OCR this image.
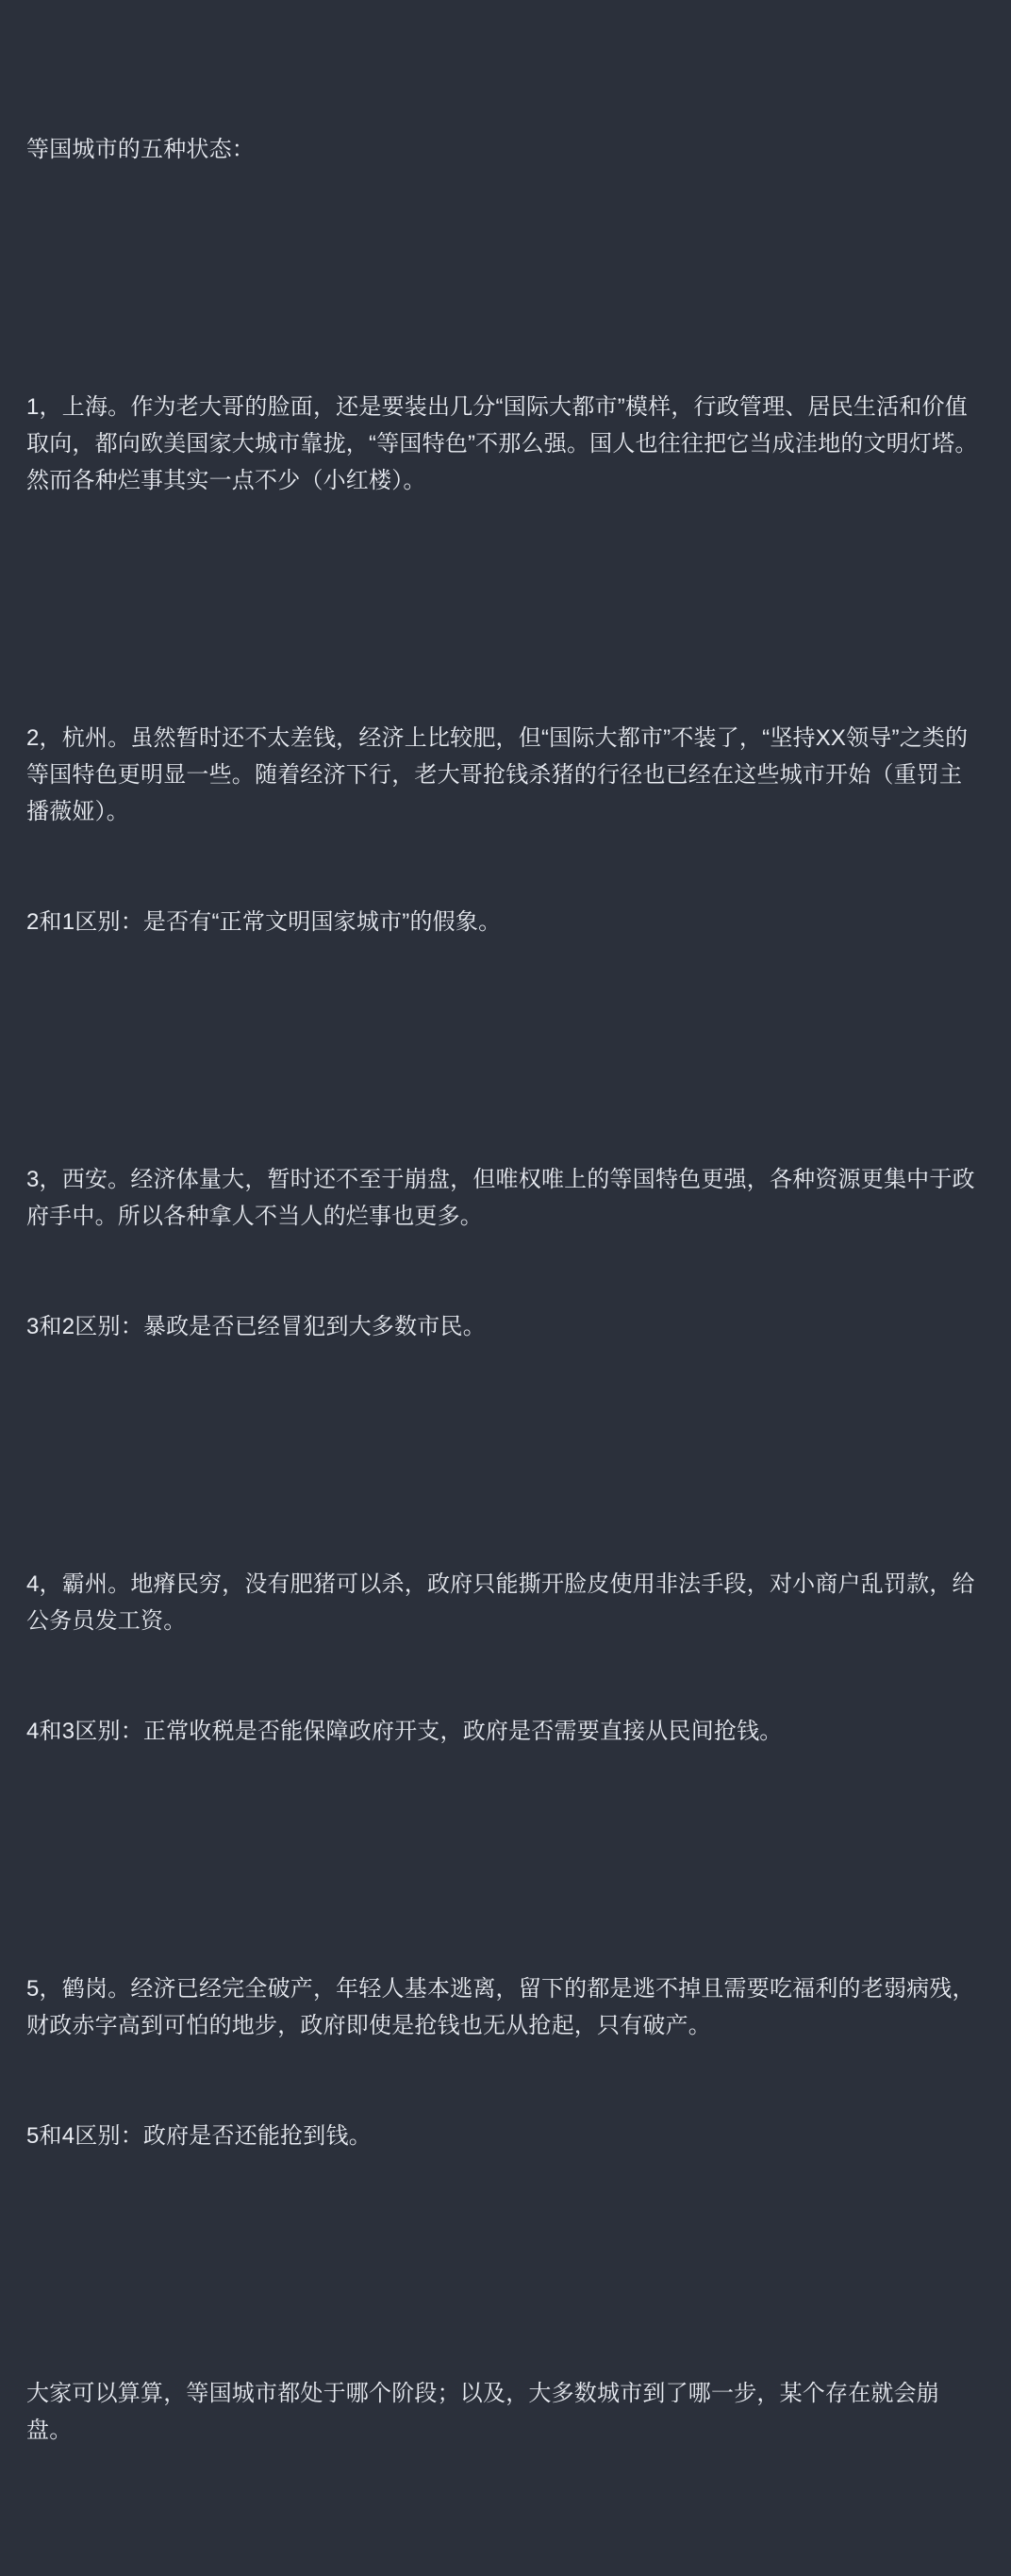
等国城市的五种状态：

1，上海。作为老大哥的脸面，还是要装出几分“国际大都市”模样，行政管理、居民生活和价值取向，都向欧美国家大城市靠拢，“等国特色”不那么强。国人也往往把它当成洼地的文明灯塔。然而各种烂事其实一点不少（小红楼）。

2，杭州。虽然暂时还不太差钱，经济上比较肥，但“国际大都市”不装了，“坚持XX领导”之类的等国特色更明显一些。随着经济下行，老大哥抢钱杀猪的行径也已经在这些城市开始（重罚主播薇娅）。

2和1区别：是否有“正常文明国家城市”的假象。

3，西安。经济体量大，暂时还不至于崩盘，但唯权唯上的等国特色更强，各种资源更集中于政府手中。所以各种拿人不当人的烂事也更多。

3和2区别：暴政是否已经冒犯到大多数市民。

4，霸州。地瘠民穷，没有肥猪可以杀，政府只能撕开脸皮使用非法手段，对小商户乱罚款，给公务员发工资。

4和3区别：正常收税是否能保障政府开支，政府是否需要直接从民间抢钱。

5，鹤岗。经济已经完全破产，年轻人基本逃离，留下的都是逃不掉且需要吃福利的老弱病残，财政赤字高到可怕的地步，政府即使是抢钱也无从抢起，只有破产。

5和4区别：政府是否还能抢到钱。

大家可以算算，等国城市都处于哪个阶段；以及，大多数城市到了哪一步，某个存在就会崩盘。
